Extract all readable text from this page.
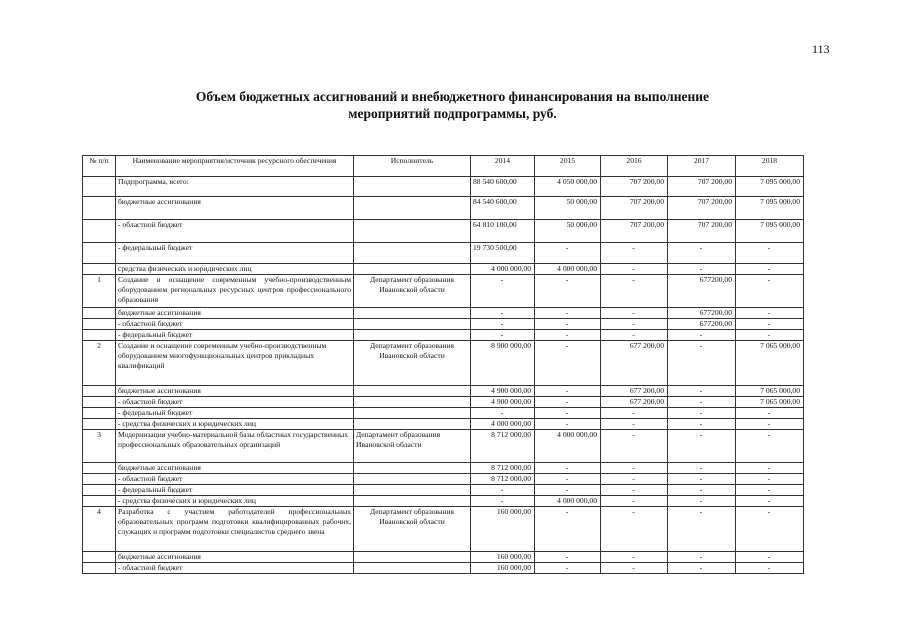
113
Объем бюджетных ассигнований и внебюджетного финансирования на выполнение
мероприятий подпрограммы, руб.
№ п/п	Наименование мероприятия/источник ресурсного обеспечения	Исполнитель	2014	2015	2016	2017	2018
	Подпрограмма, всего:		88 540 600,00	4 050 000,00	707 200,00	707 200,00	7 095 000,00
	бюджетные ассигнования		84 540 600,00	50 000,00	707 200,00	707 200,00	7 095 000,00
	- областной бюджет		64 810 100,00	50 000,00	707 200,00	707 200,00	7 095 000,00
	- федеральный бюджет		19 730 500,00	-	-	-	-
	средства физических и юридических лиц		4 000 000,00	4 000 000,00	-	-	-
1	Создание и оснащение современным учебно-производственным оборудованием региональных ресурсных центров профессионального образования	Департамент образования Ивановской области	-	-	-	677200,00	-
	бюджетные ассигнования		-	-	-	677200,00	-
	- областной бюджет		-	-	-	677200,00	-
	- федеральный бюджет		-	-	-	-	-
2	Создание и оснащение современным учебно-производственным оборудованием многофункциональных центров прикладных квалификаций	Департамент образования Ивановской области	8 900 000,00	-	677 200,00	-	7 065 000,00
	бюджетные ассигнования		4 900 000,00	-	677 200,00	-	7 065 000,00
	- областной бюджет		4 900 000,00	-	677 200,00	-	7 065 000,00
	- федеральный бюджет		-	-	-	-	-
	- средства физических и юридических лиц		4 000 000,00	-	-	-	-
3	Модернизация учебно-материальной базы областных государственных профессиональных образовательных организаций	Департамент образования Ивановской области	8 712 000,00	4 000 000,00	-	-	-
	бюджетные ассигнования		8 712 000,00	-	-	-	-
	- областной бюджет		8 712 000,00	-	-	-	-
	- федеральный бюджет		-	-	-	-	-
	- средства физических и юридических лиц		-	4 000 000,00	-	-	-
4	Разработка с участием работодателей профессиональных образовательных программ подготовки квалифицированных рабочих, служащих и программ подготовки специалистов среднего звена	Департамент образования Ивановской области	160 000,00	-	-	-	-
	бюджетные ассигнования		160 000,00	-	-	-	-
	- областной бюджет		160 000,00	-	-	-	-
